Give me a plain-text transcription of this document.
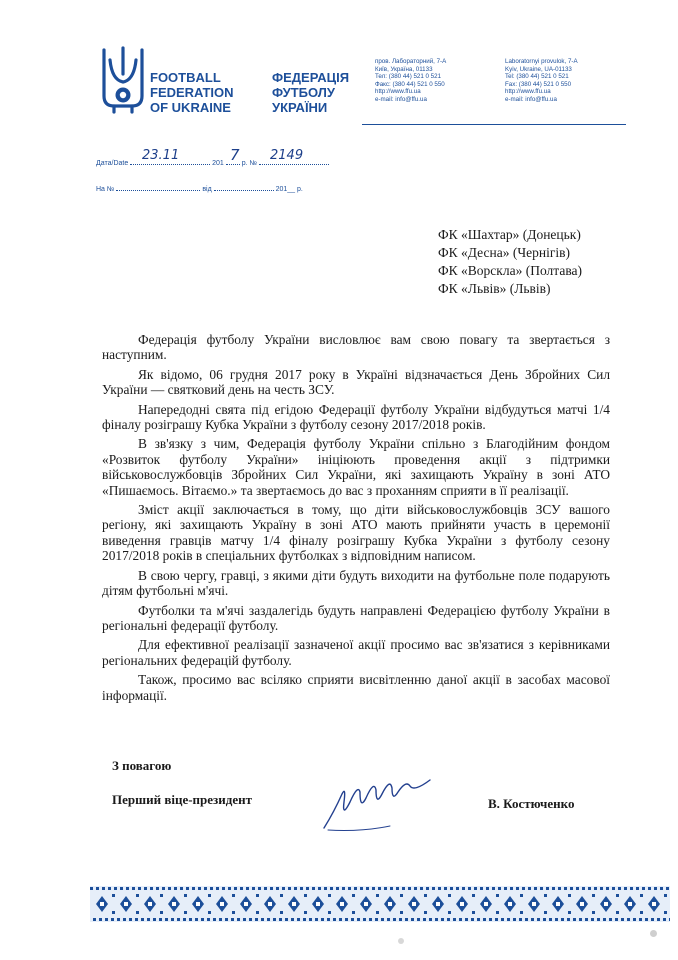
FOOTBALL
FEDERATION
OF UKRAINE
ФЕДЕРАЦІЯ
ФУТБОЛУ
УКРАЇНИ
пров. Лабораторний, 7-А
Київ, Україна, 01133
Тел: (380 44) 521 0 521
Факс: (380 44) 521 0 550
http://www.ffu.ua
e-mail: info@ffu.ua
Laboratornyi provulok, 7-A
Kyiv, Ukraine, UA-01133
Tel: (380 44) 521 0 521
Fax: (380 44) 521 0 550
http://www.ffu.ua
e-mail: info@ffu.ua
Дата/Date	201	р. №
23.11	7 2149
На №	від	201__ р.
ФК «Шахтар» (Донецьк)
ФК «Десна» (Чернігів)
ФК «Ворскла» (Полтава)
ФК «Львів» (Львів)

Федерація футболу України висловлює вам свою повагу та звертається з наступним.

Як відомо, 06 грудня 2017 року в Україні відзначається День Збройних Сил України — святковий день на честь ЗСУ.

Напередодні свята під егідою Федерації футболу України відбудуться матчі 1/4 фіналу розіграшу Кубка України з футболу сезону 2017/2018 років.

В зв'язку з чим, Федерація футболу України спільно з Благодійним фондом «Розвиток футболу України» ініціюють проведення акції з підтримки військовослужбовців Збройних Сил України, які захищають Україну в зоні АТО «Пишаємось. Вітаємо.» та звертаємось до вас з проханням сприяти в її реалізації.

Зміст акції заключається в тому, що діти військовослужбовців ЗСУ вашого регіону, які захищають Україну в зоні АТО мають прийняти участь в церемонії виведення гравців матчу 1/4 фіналу розіграшу Кубка України з футболу сезону 2017/2018 років в спеціальних футболках з відповідним написом.

В свою чергу, гравці, з якими діти будуть виходити на футбольне поле подарують дітям футбольні м'ячі.

Футболки та м'ячі заздалегідь будуть направлені Федерацією футболу України в регіональні федерації футболу.

Для ефективної реалізації зазначеної акції просимо вас зв'язатися з керівниками регіональних федерацій футболу.

Також, просимо вас всіляко сприяти висвітленню даної акції в засобах масової інформації.

З повагою
Перший віце-президент	В. Костюченко
